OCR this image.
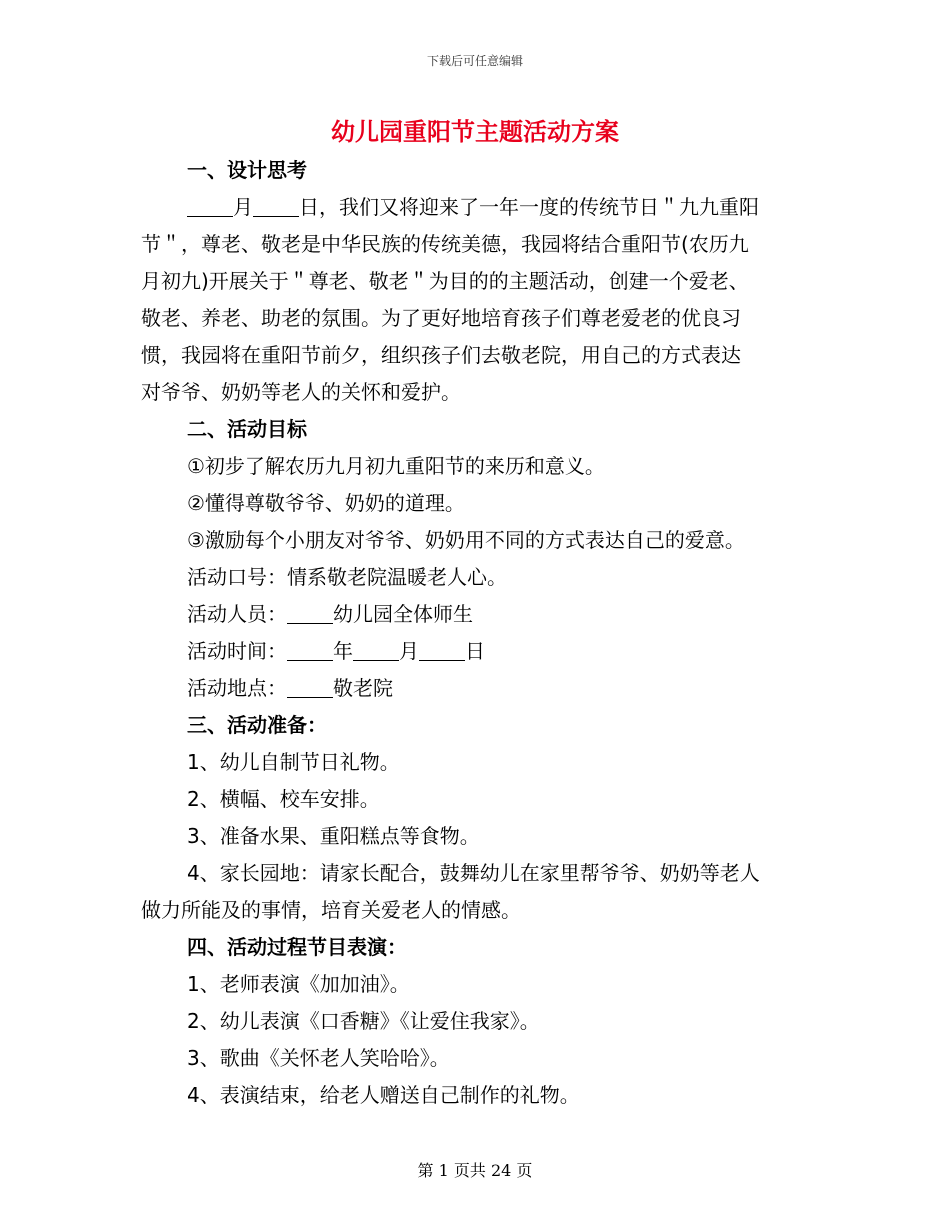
下载后可任意编辑
幼儿园重阳节主题活动方案
一、设计思考
月 日，我们又将迎来了一年一度的传统节日＂九九重阳
节＂，尊老、敬老是中华民族的传统美德，我园将结合重阳节(农历九
月初九)开展关于＂尊老、敬老＂为目的的主题活动，创建一个爱老、
敬老、养老、助老的氛围。为了更好地培育孩子们尊老爱老的优良习
惯，我园将在重阳节前夕，组织孩子们去敬老院，用自己的方式表达
对爷爷、奶奶等老人的关怀和爱护。
二、活动目标
①初步了解农历九月初九重阳节的来历和意义。
②懂得尊敬爷爷、奶奶的道理。
③激励每个小朋友对爷爷、奶奶用不同的方式表达自己的爱意。
活动口号：情系敬老院温暖老人心。
活动人员： 幼儿园全体师生
活动时间： 年 月 日
活动地点： 敬老院
三、活动准备：
1、幼儿自制节日礼物。
2、横幅、校车安排。
3、准备水果、重阳糕点等食物。
4、家长园地：请家长配合，鼓舞幼儿在家里帮爷爷、奶奶等老人
做力所能及的事情，培育关爱老人的情感。
四、活动过程节目表演：
1、老师表演《加加油》。
2、幼儿表演《口香糖》《让爱住我家》。
3、歌曲《关怀老人笑哈哈》。
4、表演结束，给老人赠送自己制作的礼物。
第 1 页共 24 页
